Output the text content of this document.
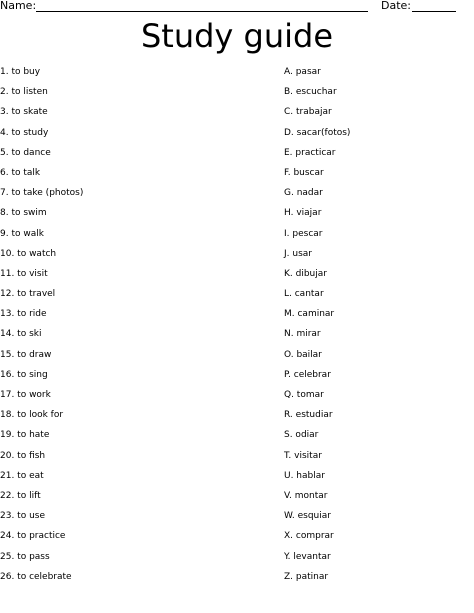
Name:	Date:
Study guide
1. to buy
2. to listen
3. to skate
4. to study
5. to dance
6. to talk
7. to take (photos)
8. to swim
9. to walk
10. to watch
11. to visit
12. to travel
13. to ride
14. to ski
15. to draw
16. to sing
17. to work
18. to look for
19. to hate
20. to fish
21. to eat
22. to lift
23. to use
24. to practice
25. to pass
26. to celebrate
A. pasar
B. escuchar
C. trabajar
D. sacar(fotos)
E. practicar
F. buscar
G. nadar
H. viajar
I. pescar
J. usar
K. dibujar
L. cantar
M. caminar
N. mirar
O. bailar
P. celebrar
Q. tomar
R. estudiar
S. odiar
T. visitar
U. hablar
V. montar
W. esquiar
X. comprar
Y. levantar
Z. patinar
